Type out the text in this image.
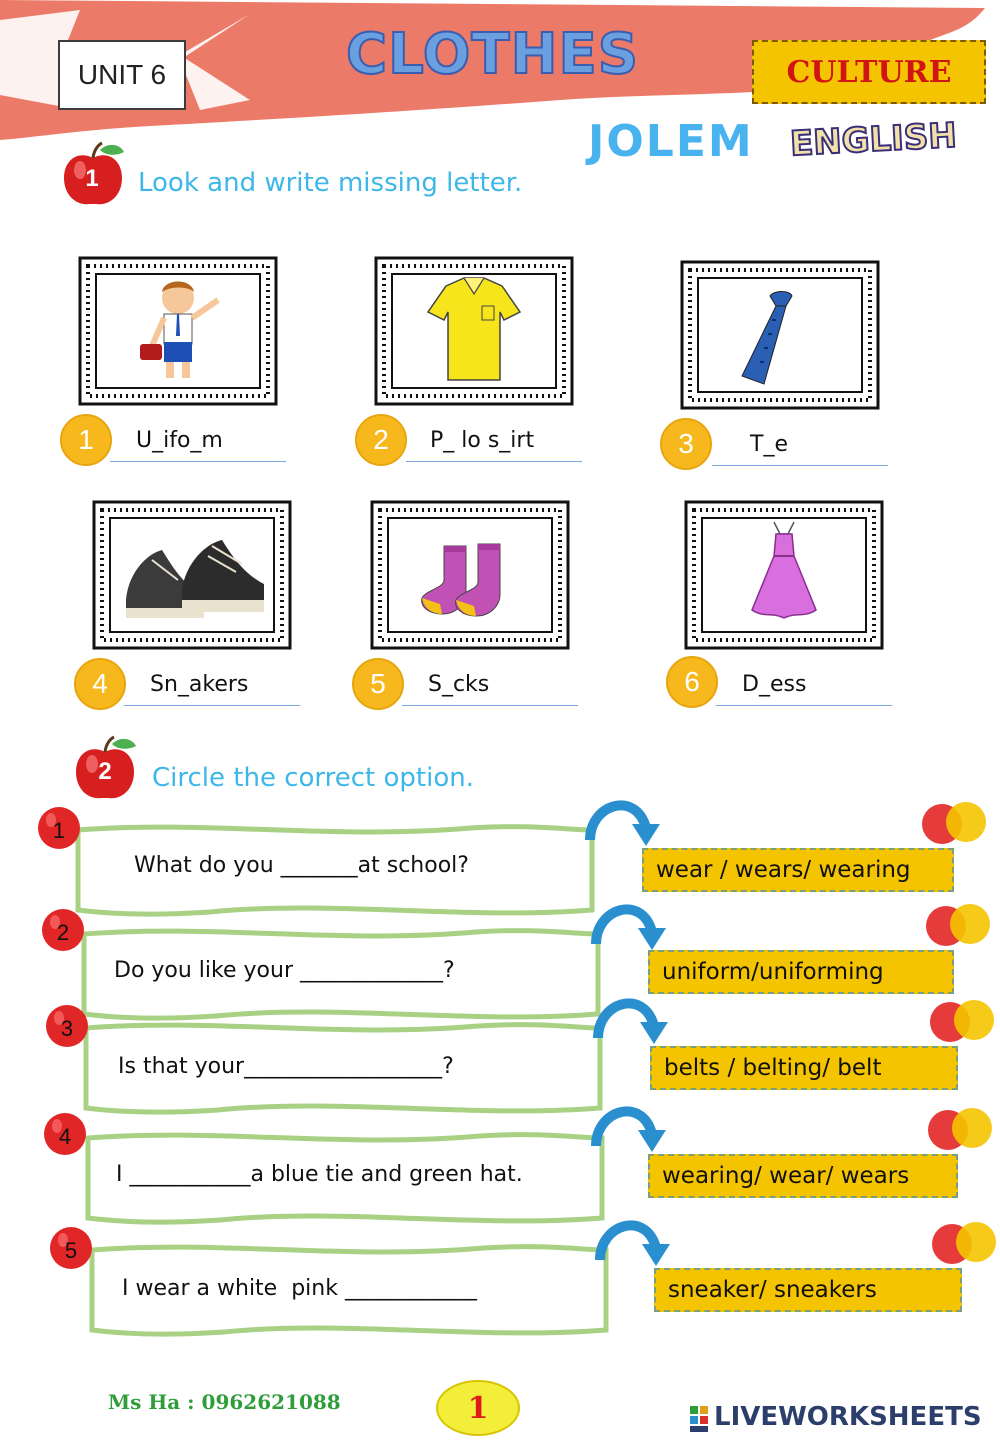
UNIT 6	CLOTHES	CULTURE
JOLEM ENGLISH
1 Look and write missing letter.
1	U_ifo_m	2	P_ lo s_irt	3	T_e
4	Sn_akers	5	S_cks	6	D_ess
2 Circle the correct option.
1
What do you _______at school?	wear / wears/ wearing
2
Do you like your _____________?	uniform/uniforming
3
Is that your__________________?	belts / belting/ belt
4
I ___________a blue tie and green hat.	wearing/ wear/ wears
5
I wear a white  pink ____________	sneaker/ sneakers
Ms Ha : 0962621088	1	LIVEWORKSHEETS
